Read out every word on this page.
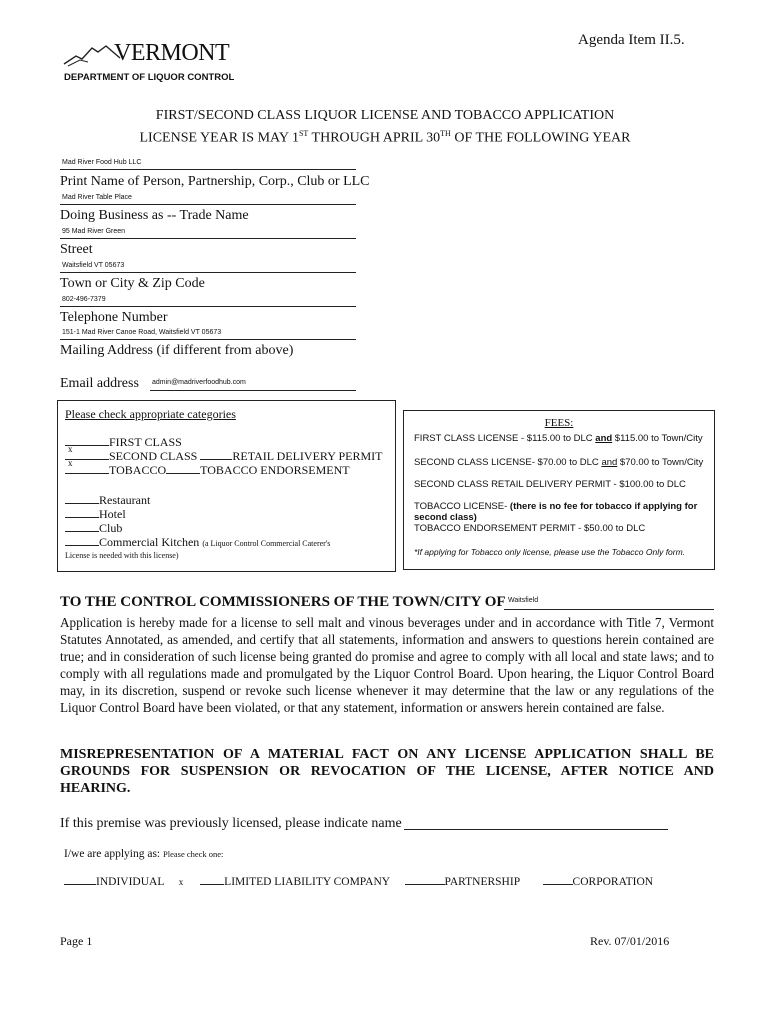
Agenda Item II.5.
VERMONT
DEPARTMENT OF LIQUOR CONTROL
FIRST/SECOND CLASS LIQUOR LICENSE AND TOBACCO APPLICATION
LICENSE YEAR IS MAY 1ST THROUGH APRIL 30TH OF THE FOLLOWING YEAR
Mad River Food Hub LLC
Print Name of Person, Partnership, Corp., Club or LLC
Mad River Table Place
Doing Business as -- Trade Name
95 Mad River Green
Street
Waitsfield VT 05673
Town or City & Zip Code
802-496-7379
Telephone Number
151-1 Mad River Canoe Road, Waitsfield VT 05673
Mailing Address (if different from above)
Email address admin@madriverfoodhub.com
Please check appropriate categories
x	FIRST CLASS
x	SECOND CLASS	RETAIL DELIVERY PERMIT
TOBACCO	TOBACCO ENDORSEMENT
Restaurant
Hotel
Club
Commercial Kitchen (a Liquor Control Commercial Caterer's
License is needed with this license)
FEES:
FIRST CLASS LICENSE - $115.00 to DLC and $115.00 to Town/City
SECOND CLASS LICENSE- $70.00 to DLC and $70.00 to Town/City
SECOND CLASS RETAIL DELIVERY PERMIT - $100.00 to DLC
TOBACCO LICENSE- (there is no fee for tobacco if applying for second class)
TOBACCO ENDORSEMENT PERMIT - $50.00 to DLC
*If applying for Tobacco only license, please use the Tobacco Only form.
TO THE CONTROL COMMISSIONERS OF THE TOWN/CITY OF Waitsfield
Application is hereby made for a license to sell malt and vinous beverages under and in accordance with Title 7, Vermont Statutes Annotated, as amended, and certify that all statements, information and answers to questions herein contained are true; and in consideration of such license being granted do promise and agree to comply with all local and state laws; and to comply with all regulations made and promulgated by the Liquor Control Board. Upon hearing, the Liquor Control Board may, in its discretion, suspend or revoke such license whenever it may determine that the law or any regulations of the Liquor Control Board have been violated, or that any statement, information or answers herein contained are false.
MISREPRESENTATION OF A MATERIAL FACT ON ANY LICENSE APPLICATION SHALL BE GROUNDS FOR SUSPENSION OR REVOCATION OF THE LICENSE, AFTER NOTICE AND HEARING.
If this premise was previously licensed, please indicate name
I/we are applying as: Please check one:
INDIVIDUAL x	LIMITED LIABILITY COMPANY	PARTNERSHIP	CORPORATION
Page 1	Rev. 07/01/2016
